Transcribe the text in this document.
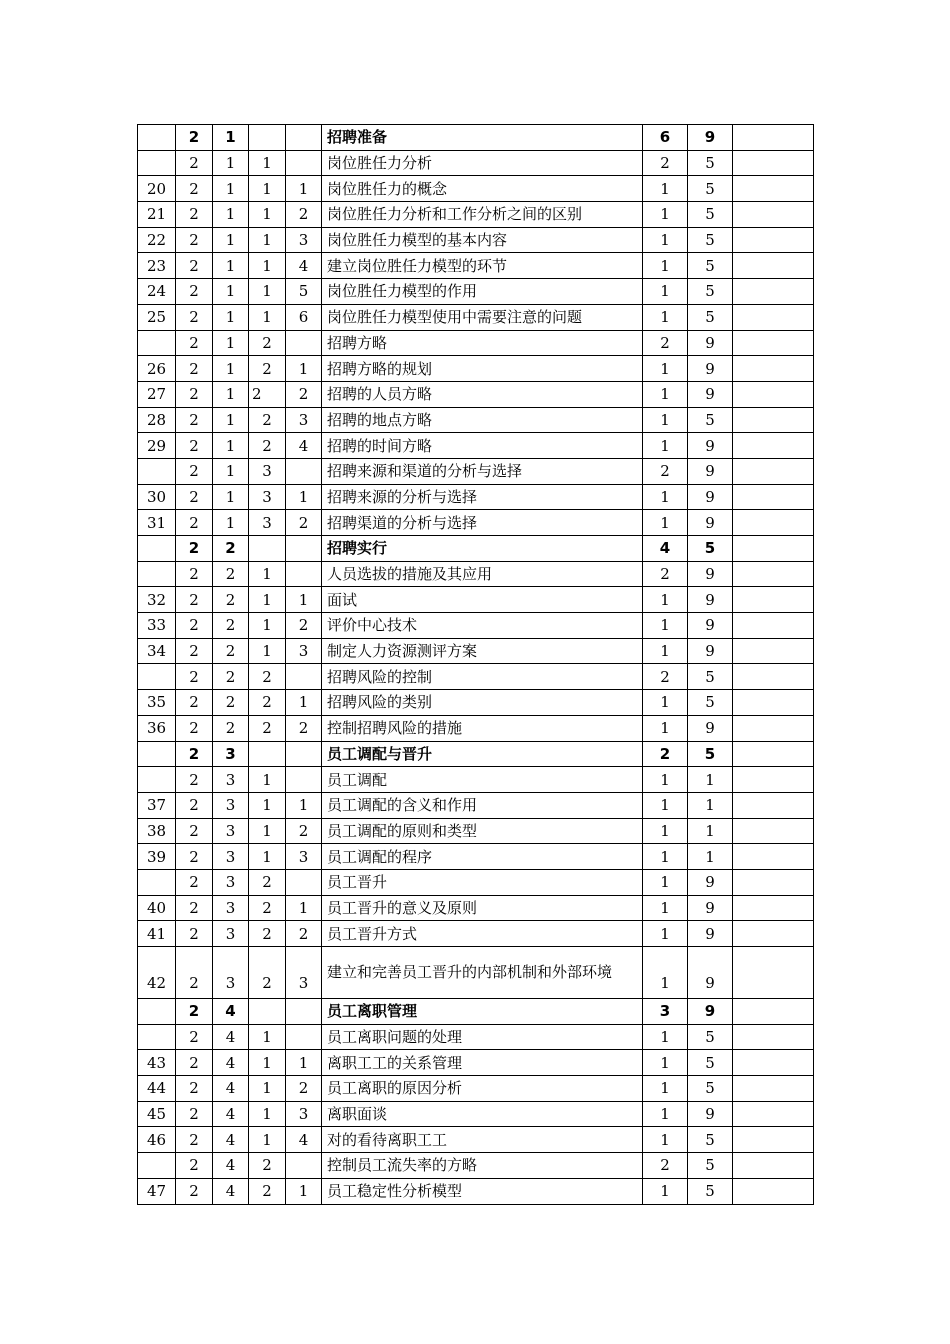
	2	1			招聘准备	6	9	
	2	1	1		岗位胜任力分析	2	5	
20	2	1	1	1	岗位胜任力的概念	1	5	
21	2	1	1	2	岗位胜任力分析和工作分析之间的区别	1	5	
22	2	1	1	3	岗位胜任力模型的基本内容	1	5	
23	2	1	1	4	建立岗位胜任力模型的环节	1	5	
24	2	1	1	5	岗位胜任力模型的作用	1	5	
25	2	1	1	6	岗位胜任力模型使用中需要注意的问题	1	5	
	2	1	2		招聘方略	2	9	
26	2	1	2	1	招聘方略的规划	1	9	
27	2	1	2	2	招聘的人员方略	1	9	
28	2	1	2	3	招聘的地点方略	1	5	
29	2	1	2	4	招聘的时间方略	1	9	
	2	1	3		招聘来源和渠道的分析与选择	2	9	
30	2	1	3	1	招聘来源的分析与选择	1	9	
31	2	1	3	2	招聘渠道的分析与选择	1	9	
	2	2			招聘实行	4	5	
	2	2	1		人员选拔的措施及其应用	2	9	
32	2	2	1	1	面试	1	9	
33	2	2	1	2	评价中心技术	1	9	
34	2	2	1	3	制定人力资源测评方案	1	9	
	2	2	2		招聘风险的控制	2	5	
35	2	2	2	1	招聘风险的类别	1	5	
36	2	2	2	2	控制招聘风险的措施	1	9	
	2	3			员工调配与晋升	2	5	
	2	3	1		员工调配	1	1	
37	2	3	1	1	员工调配的含义和作用	1	1	
38	2	3	1	2	员工调配的原则和类型	1	1	
39	2	3	1	3	员工调配的程序	1	1	
	2	3	2		员工晋升	1	9	
40	2	3	2	1	员工晋升的意义及原则	1	9	
41	2	3	2	2	员工晋升方式	1	9	
42	2	3	2	3	建立和完善员工晋升的内部机制和外部环境	1	9	
	2	4			员工离职管理	3	9	
	2	4	1		员工离职问题的处理	1	5	
43	2	4	1	1	离职工工的关系管理	1	5	
44	2	4	1	2	员工离职的原因分析	1	5	
45	2	4	1	3	离职面谈	1	9	
46	2	4	1	4	对的看待离职工工	1	5	
	2	4	2		控制员工流失率的方略	2	5	
47	2	4	2	1	员工稳定性分析模型	1	5	
